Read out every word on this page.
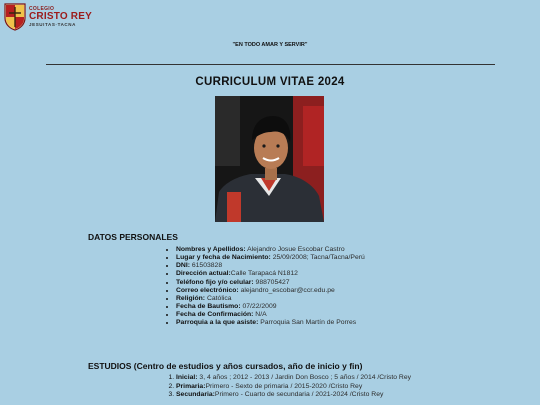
COLEGIO
CRISTO REY
JESUITAS·TACNA
"EN TODO AMAR Y SERVIR"
CURRICULUM VITAE 2024
DATOS PERSONALES
• Nombres y Apellidos: Alejandro Josue Escobar Castro
• Lugar y fecha de Nacimiento: 25/09/2008; Tacna/Tacna/Perú
• DNI: 61503828
• Dirección actual:Calle Tarapacá N1812
• Teléfono fijo y/o celular: 988705427
• Correo electrónico: alejandro_escobar@ccr.edu.pe
• Religión: Católica
• Fecha de Bautismo: 07/22/2009
• Fecha de Confirmación: N/A
• Parroquia a la que asiste: Parroquia San Martín de Porres
ESTUDIOS (Centro de estudios y años cursados, año de inicio y fin)
1. Inicial: 3, 4 años ; 2012 - 2013 / Jardin Don Bosco ; 5 años / 2014 /Cristo Rey
2. Primaria:Primero - Sexto de primaria / 2015-2020 /Cristo Rey
3. Secundaria:Primero - Cuarto de secundaria / 2021-2024 /Cristo Rey
